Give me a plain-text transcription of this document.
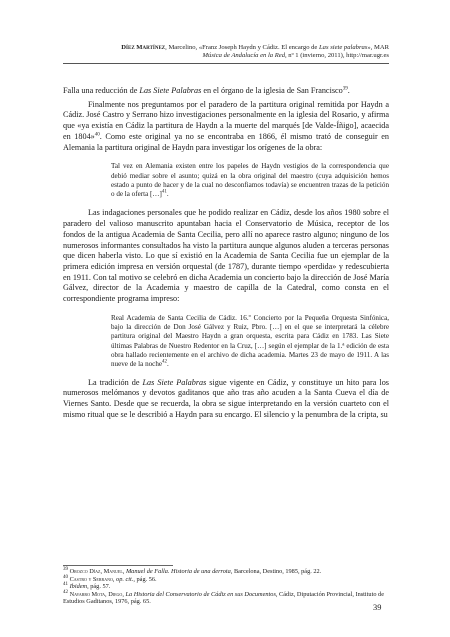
Díez Martínez, Marcelino, «Franz Joseph Haydn y Cádiz. El encargo de Las siete palabras», MAR
Música de Andalucía en la Red, nº 1 (invierno, 2011), http://mar.ugr.es

Falla una reducción de Las Siete Palabras en el órgano de la iglesia de San Francisco$^{39}$.

Finalmente nos preguntamos por el paradero de la partitura original remitida por Haydn a Cádiz. José Castro y Serrano hizo investigaciones personalmente en la iglesia del Rosario, y afirma que «ya existía en Cádiz la partitura de Haydn a la muerte del marqués [de Valde-Íñigo], acaecida en 1804»$^{40}$. Como este original ya no se encontraba en 1866, él mismo trató de conseguir en Alemania la partitura original de Haydn para investigar los orígenes de la obra:

Tal vez en Alemania existen entre los papeles de Haydn vestigios de la correspondencia que debió mediar sobre el asunto; quizá en la obra original del maestro (cuya adquisición hemos estado a punto de hacer y de la cual no desconfiamos todavía) se encuentren trazas de la petición o de la oferta […]$^{41}$.

Las indagaciones personales que he podido realizar en Cádiz, desde los años 1980 sobre el paradero del valioso manuscrito apuntaban hacia el Conservatorio de Música, receptor de los fondos de la antigua Academia de Santa Cecilia, pero allí no aparece rastro alguno; ninguno de los numerosos informantes consultados ha visto la partitura aunque algunos aluden a terceras personas que dicen haberla visto. Lo que sí existió en la Academia de Santa Cecilia fue un ejemplar de la primera edición impresa en versión orquestal (de 1787), durante tiempo «perdida» y redescubierta en 1911. Con tal motivo se celebró en dicha Academia un concierto bajo la dirección de José María Gálvez, director de la Academia y maestro de capilla de la Catedral, como consta en el correspondiente programa impreso:

Real Academia de Santa Cecilia de Cádiz. 16.º Concierto por la Pequeña Orquesta Sinfónica, bajo la dirección de Don José Gálvez y Ruiz, Pbro. […] en el que se interpretará la célebre partitura original del Maestro Haydn a gran orquesta, escrita para Cádiz en 1783. Las Siete últimas Palabras de Nuestro Redentor en la Cruz, […] según el ejemplar de la 1.ª edición de esta obra hallado recientemente en el archivo de dicha academia. Martes 23 de mayo de 1911. A las nueve de la noche$^{42}$.

La tradición de Las Siete Palabras sigue vigente en Cádiz, y constituye un hito para los numerosos melómanos y devotos gaditanos que año tras año acuden a la Santa Cueva el día de Viernes Santo. Desde que se recuerda, la obra se sigue interpretando en la versión cuarteto con el mismo ritual que se le describió a Haydn para su encargo. El silencio y la penumbra de la cripta, su

$^{39}$ Orozco Díaz, Manuel, Manuel de Falla. Historia de una derrota, Barcelona, Destino, 1985, pág. 22.
$^{40}$ Castro y Serrano, op. cit., pág. 56.
$^{41}$ Ibidem, pág. 57.
$^{42}$ Navarro Mota, Diego, La Historia del Conservatorio de Cádiz en sus Documentos, Cádiz, Diputación Provincial, Instituto de Estudios Gaditanos, 1976, pág. 65.
39
